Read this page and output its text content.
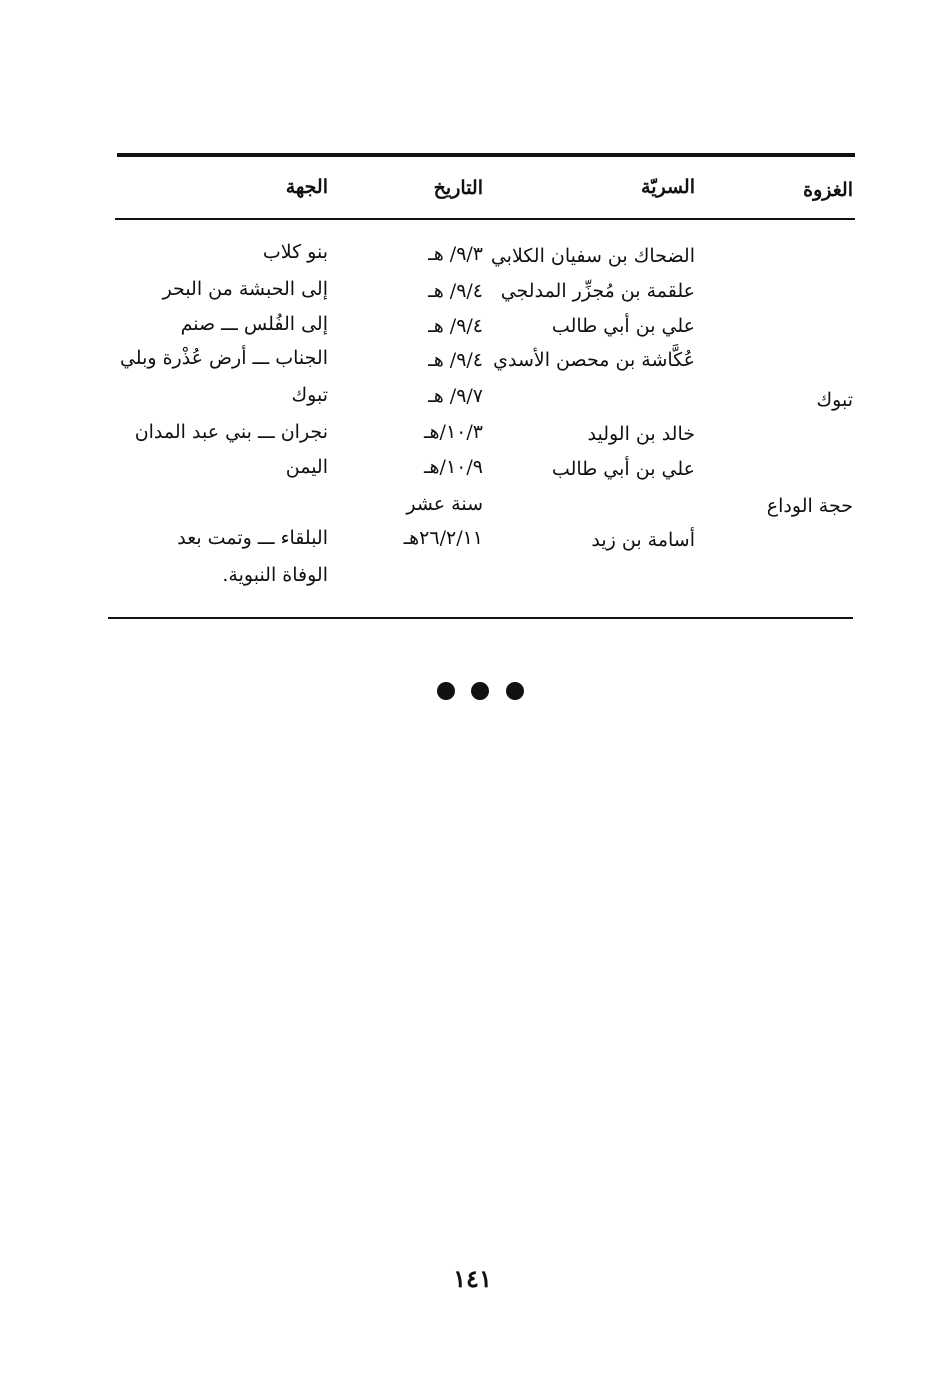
الغزوة
السريّة
التاريخ
الجهة
الضحاك بن سفيان الكلابي
٩/٣/ هـ
بنو كلاب
علقمة بن مُجزِّر المدلجي
٩/٤/ هـ
إلى الحبشة من البحر
علي بن أبي طالب
٩/٤/ هـ
إلى الفُلس ـــ صنم
عُكَّاشة بن محصن الأسدي
٩/٤/ هـ
الجناب ـــ أرض عُذْرة وبلي
تبوك
٩/٧/ هـ
تبوك
خالد بن الوليد
١٠/٣/هـ
نجران ـــ بني عبد المدان
علي بن أبي طالب
١٠/٩/هـ
اليمن
حجة الوداع
سنة عشر
أسامة بن زيد
٢٦/٢/١١هـ
البلقاء ـــ وتمت بعد
الوفاة النبوية.
١٤١
